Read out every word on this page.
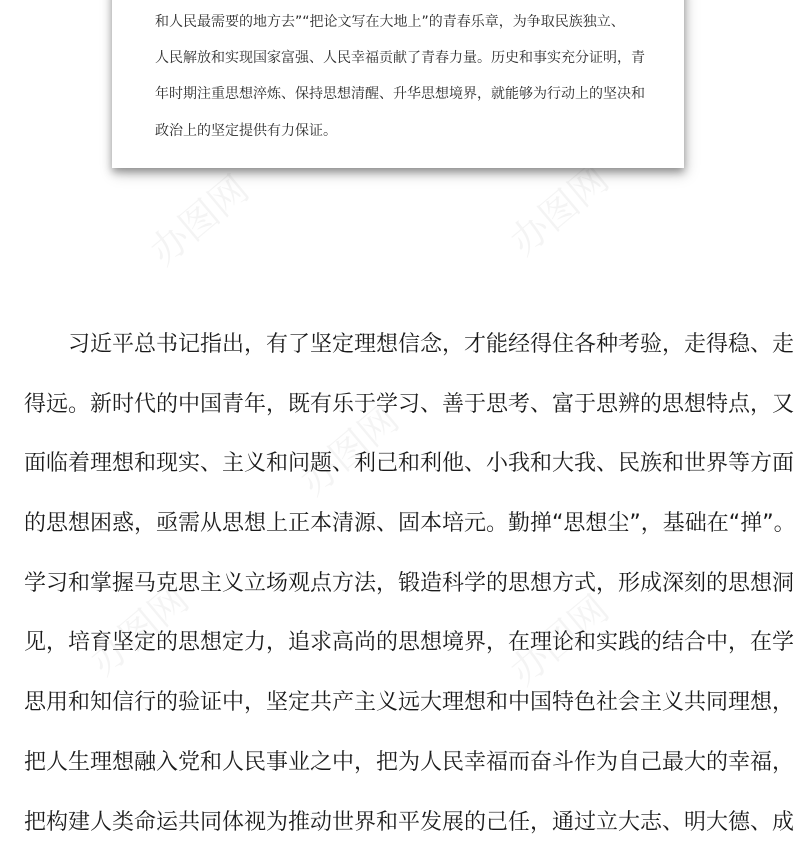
办图网	办图网
办图网
办图网	办图网
和人民最需要的地方去”“把论文写在大地上”的青春乐章，为争取民族独立、
人民解放和实现国家富强、人民幸福贡献了青春力量。历史和事实充分证明，青
年时期注重思想淬炼、保持思想清醒、升华思想境界，就能够为行动上的坚决和
政治上的坚定提供有力保证。
　　习近平总书记指出，有了坚定理想信念，才能经得住各种考验，走得稳、走
得远。新时代的中国青年，既有乐于学习、善于思考、富于思辨的思想特点，又
面临着理想和现实、主义和问题、利己和利他、小我和大我、民族和世界等方面
的思想困惑，亟需从思想上正本清源、固本培元。勤掸“思想尘”，基础在“掸”。
学习和掌握马克思主义立场观点方法，锻造科学的思想方式，形成深刻的思想洞
见，培育坚定的思想定力，追求高尚的思想境界，在理论和实践的结合中，在学
思用和知信行的验证中，坚定共产主义远大理想和中国特色社会主义共同理想，
把人生理想融入党和人民事业之中，把为人民幸福而奋斗作为自己最大的幸福，
把构建人类命运共同体视为推动世界和平发展的己任，通过立大志、明大德、成
